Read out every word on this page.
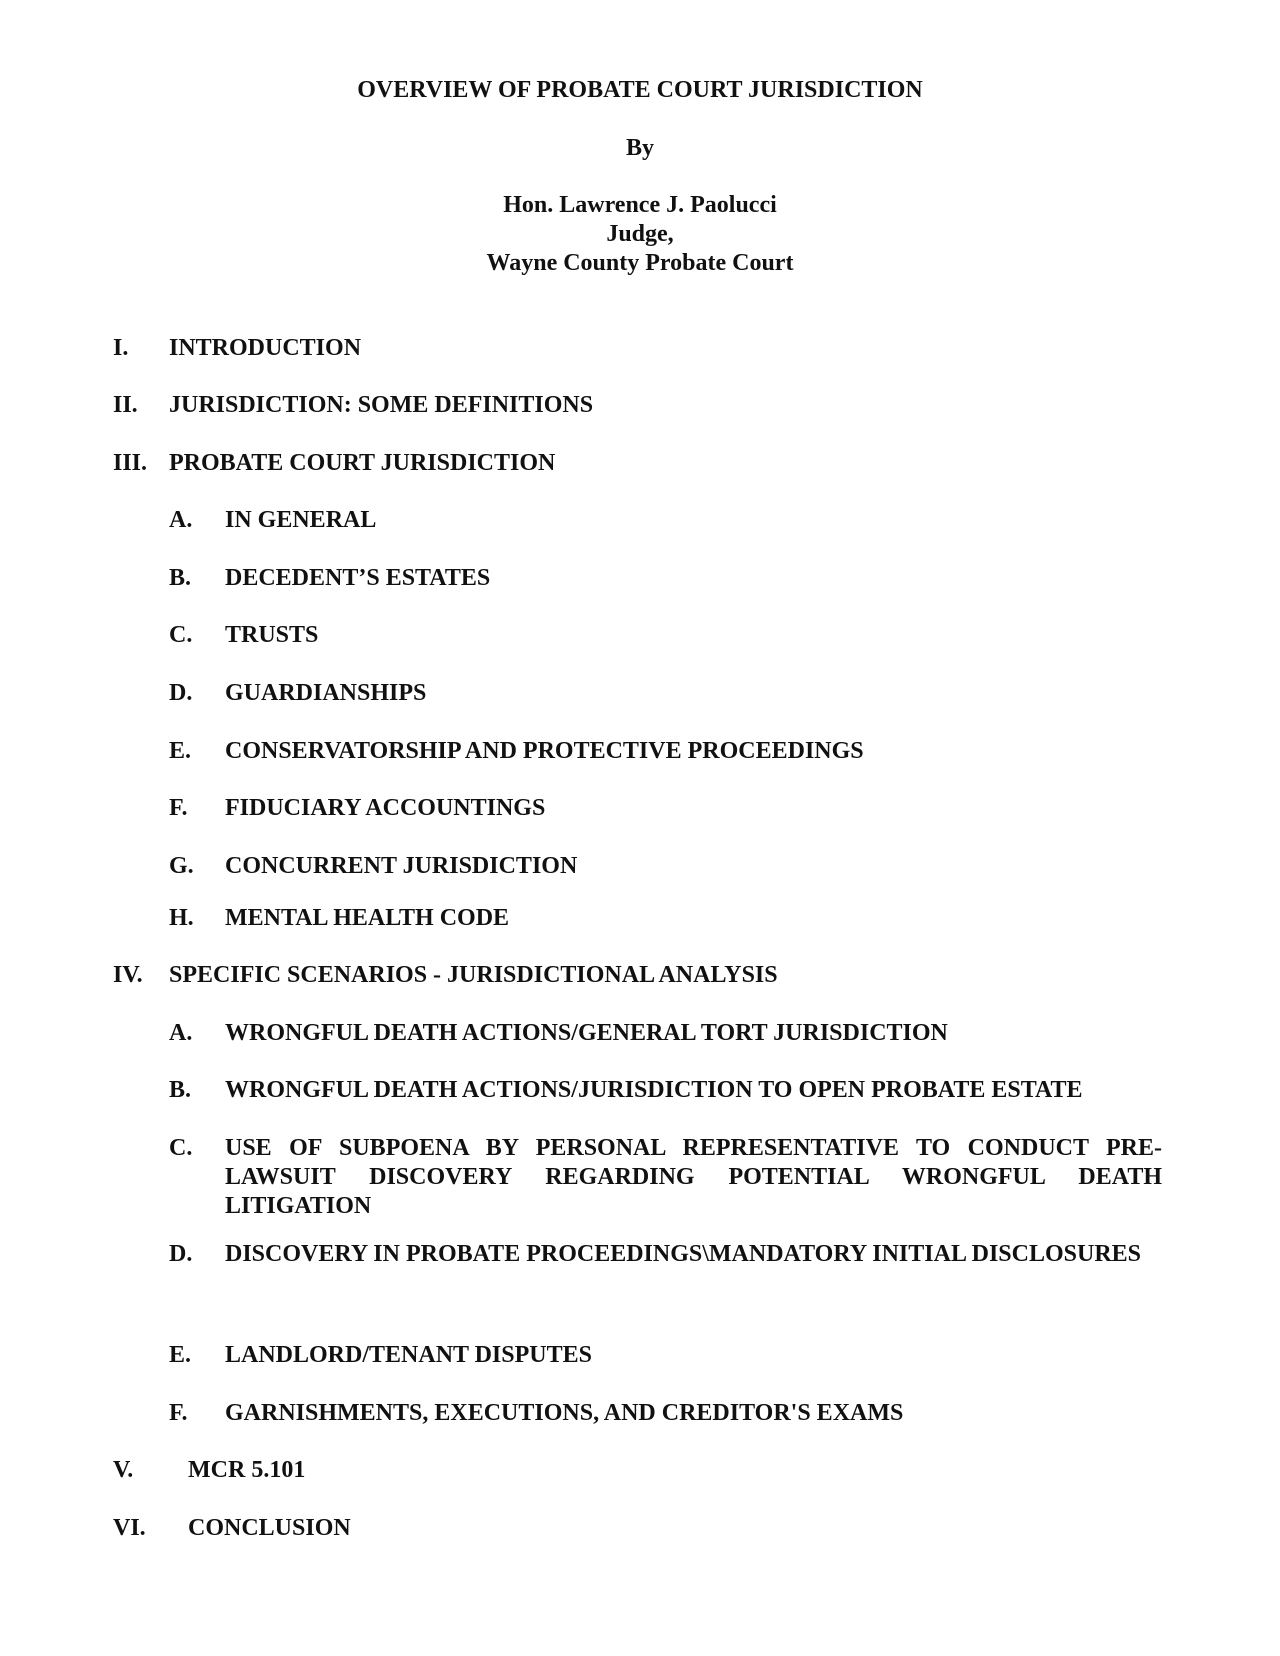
OVERVIEW OF PROBATE COURT JURISDICTION
By
Hon. Lawrence J. Paolucci
Judge,
Wayne County Probate Court
I. INTRODUCTION
II. JURISDICTION: SOME DEFINITIONS
III. PROBATE COURT JURISDICTION
A. IN GENERAL
B. DECEDENT’S ESTATES
C. TRUSTS
D. GUARDIANSHIPS
E. CONSERVATORSHIP AND PROTECTIVE PROCEEDINGS
F. FIDUCIARY ACCOUNTINGS
G. CONCURRENT JURISDICTION
H. MENTAL HEALTH CODE
IV. SPECIFIC SCENARIOS - JURISDICTIONAL ANALYSIS
A. WRONGFUL DEATH ACTIONS/GENERAL TORT JURISDICTION
B. WRONGFUL DEATH ACTIONS/JURISDICTION TO OPEN PROBATE ESTATE
C. USE OF SUBPOENA BY PERSONAL REPRESENTATIVE TO CONDUCT PRE-LAWSUIT DISCOVERY REGARDING POTENTIAL WRONGFUL DEATH LITIGATION
D. DISCOVERY IN PROBATE PROCEEDINGS\MANDATORY INITIAL DISCLOSURES
E. LANDLORD/TENANT DISPUTES
F. GARNISHMENTS, EXECUTIONS, AND CREDITOR'S EXAMS
V. MCR 5.101
VI. CONCLUSION
